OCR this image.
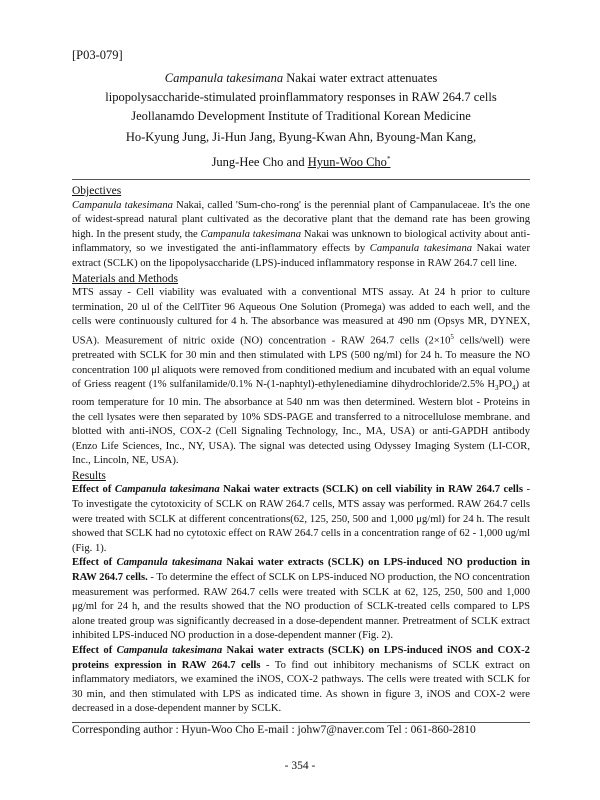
[P03-079]
Campanula takesimana Nakai water extract attenuates
lipopolysaccharide-stimulated proinflammatory responses in RAW 264.7 cells
Jeollanamdo Development Institute of Traditional Korean Medicine
Ho-Kyung Jung, Ji-Hun Jang, Byung-Kwan Ahn, Byoung-Man Kang,
Jung-Hee Cho and Hyun-Woo Cho*
Objectives

Campanula takesimana Nakai, called 'Sum-cho-rong' is the perennial plant of Campanulaceae. It's the one of widest-spread natural plant cultivated as the decorative plant that the demand rate has been growing high. In the present study, the Campanula takesimana Nakai was unknown to biological activity about anti-inflammatory, so we investigated the anti-inflammatory effects by Campanula takesimana Nakai water extract (SCLK) on the lipopolysaccharide (LPS)-induced inflammatory response in RAW 264.7 cell line.

Materials and Methods

MTS assay - Cell viability was evaluated with a conventional MTS assay. At 24 h prior to culture termination, 20 ul of the CellTiter 96 Aqueous One Solution (Promega) was added to each well, and the cells were continuously cultured for 4 h. The absorbance was measured at 490 nm (Opsys MR, DYNEX, USA). Measurement of nitric oxide (NO) concentration - RAW 264.7 cells ($2\times 10^5$ cells/well) were pretreated with SCLK for 30 min and then stimulated with LPS (500 ng/ml) for 24 h. To measure the NO concentration 100 μl aliquots were removed from conditioned medium and incubated with an equal volume of Griess reagent (1% sulfanilamide/0.1% N-(1-naphtyl)-ethylenediamine dihydrochloride/2.5% $H_3PO_4$) at room temperature for 10 min. The absorbance at 540 nm was then determined. Western blot - Proteins in the cell lysates were then separated by 10% SDS-PAGE and transferred to a nitrocellulose membrane. and blotted with anti-iNOS, COX-2 (Cell Signaling Technology, Inc., MA, USA) or anti-GAPDH antibody (Enzo Life Sciences, Inc., NY, USA). The signal was detected using Odyssey Imaging System (LI-COR, Inc., Lincoln, NE, USA).

Results

Effect of Campanula takesimana Nakai water extracts (SCLK) on cell viability in RAW 264.7 cells - To investigate the cytotoxicity of SCLK on RAW 264.7 cells, MTS assay was performed. RAW 264.7 cells were treated with SCLK at different concentrations(62, 125, 250, 500 and 1,000 μg/ml) for 24 h. The result showed that SCLK had no cytotoxic effect on RAW 264.7 cells in a concentration range of 62 - 1,000 ug/ml (Fig. 1).

Effect of Campanula takesimana Nakai water extracts (SCLK) on LPS-induced NO production in RAW 264.7 cells. - To determine the effect of SCLK on LPS-induced NO production, the NO concentration measurement was performed. RAW 264.7 cells were treated with SCLK at 62, 125, 250, 500 and 1,000 μg/ml for 24 h, and the results showed that the NO production of SCLK-treated cells compared to LPS alone treated group was significantly decreased in a dose-dependent manner. Pretreatment of SCLK extract inhibited LPS-induced NO production in a dose-dependent manner (Fig. 2).

Effect of Campanula takesimana Nakai water extracts (SCLK) on LPS-induced iNOS and COX-2 proteins expression in RAW 264.7 cells - To find out inhibitory mechanisms of SCLK extract on inflammatory mediators, we examined the iNOS, COX-2 pathways. The cells were treated with SCLK for 30 min, and then stimulated with LPS as indicated time. As shown in figure 3, iNOS and COX-2 were decreased in a dose-dependent manner by SCLK.

Corresponding author : Hyun-Woo Cho E-mail : johw7@naver.com Tel : 061-860-2810
- 354 -
